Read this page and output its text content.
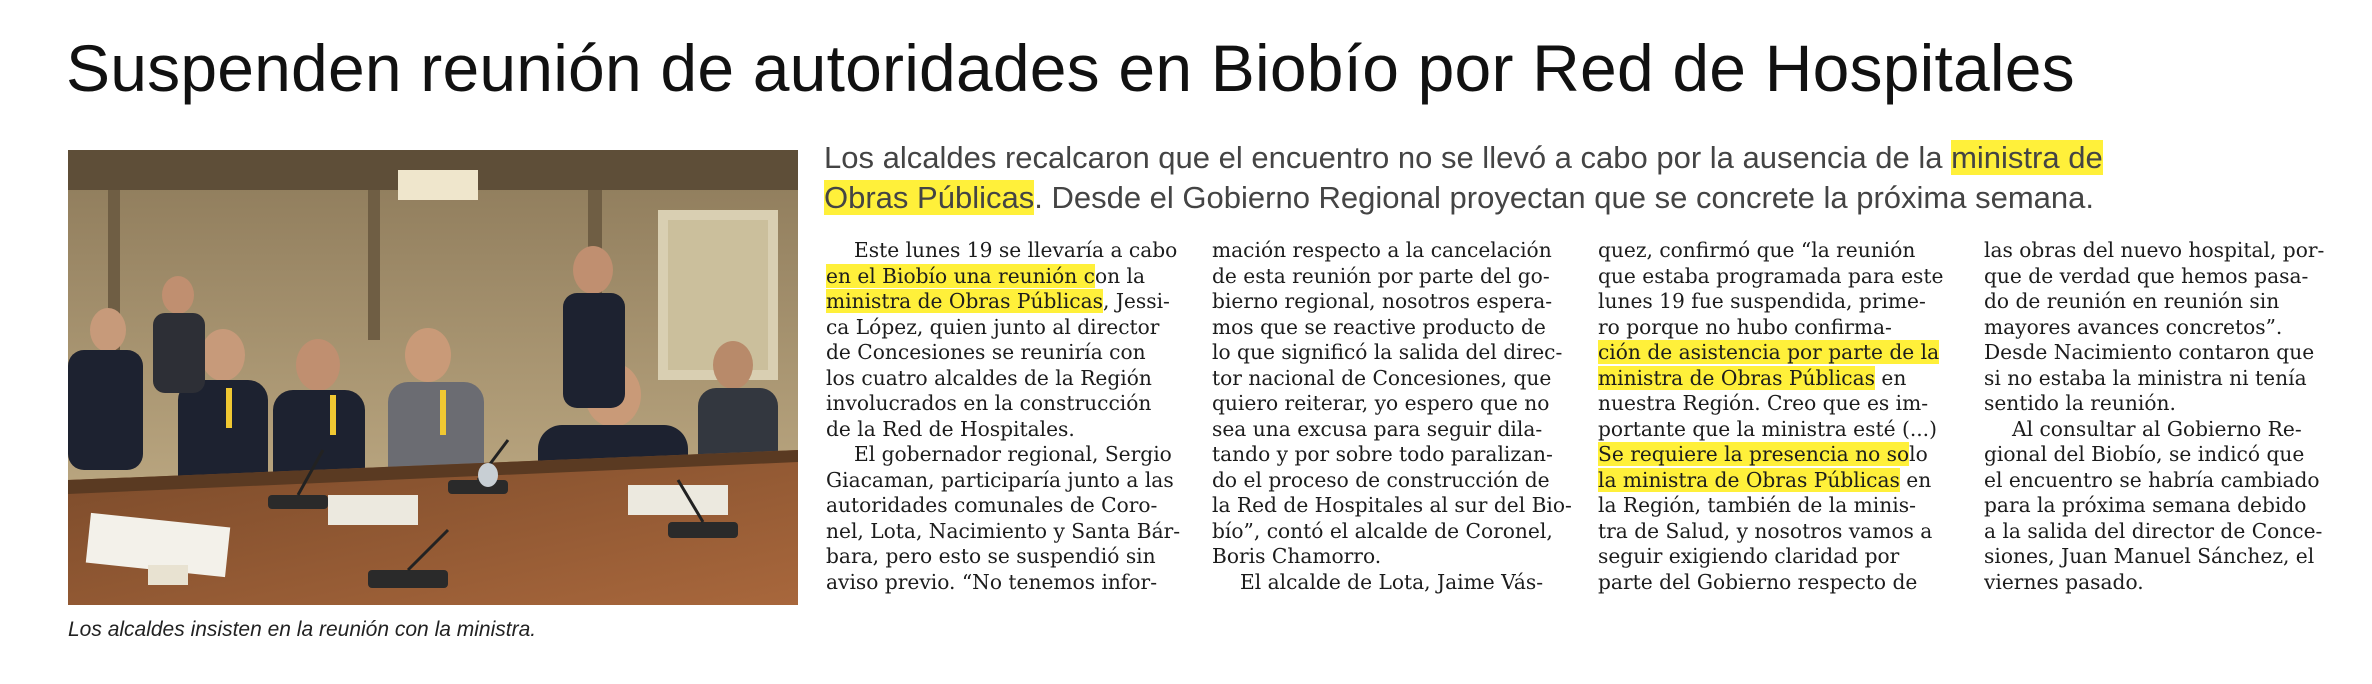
Suspenden reunión de autoridades en Biobío por Red de Hospitales

Los alcaldes insisten en la reunión con la ministra.

Los alcaldes recalcaron que el encuentro no se llevó a cabo por la ausencia de la ministra de
Obras Públicas. Desde el Gobierno Regional proyectan que se concrete la próxima semana.

Este lunes 19 se llevaría a cabo
en el Biobío una reunión con la
ministra de Obras Públicas, Jessi-
ca López, quien junto al director
de Concesiones se reuniría con
los cuatro alcaldes de la Región
involucrados en la construcción
de la Red de Hospitales.
El gobernador regional, Sergio
Giacaman, participaría junto a las
autoridades comunales de Coro-
nel, Lota, Nacimiento y Santa Bár-
bara, pero esto se suspendió sin
aviso previo. “No tenemos infor-
mación respecto a la cancelación
de esta reunión por parte del go-
bierno regional, nosotros espera-
mos que se reactive producto de
lo que significó la salida del direc-
tor nacional de Concesiones, que
quiero reiterar, yo espero que no
sea una excusa para seguir dila-
tando y por sobre todo paralizan-
do el proceso de construcción de
la Red de Hospitales al sur del Bio-
bío”, contó el alcalde de Coronel,
Boris Chamorro.
El alcalde de Lota, Jaime Vás-
quez, confirmó que “la reunión
que estaba programada para este
lunes 19 fue suspendida, prime-
ro porque no hubo confirma-
ción de asistencia por parte de la
ministra de Obras Públicas en
nuestra Región. Creo que es im-
portante que la ministra esté (...)
Se requiere la presencia no solo
la ministra de Obras Públicas en
la Región, también de la minis-
tra de Salud, y nosotros vamos a
seguir exigiendo claridad por
parte del Gobierno respecto de
las obras del nuevo hospital, por-
que de verdad que hemos pasa-
do de reunión en reunión sin
mayores avances concretos”.
Desde Nacimiento contaron que
si no estaba la ministra ni tenía
sentido la reunión.
Al consultar al Gobierno Re-
gional del Biobío, se indicó que
el encuentro se habría cambiado
para la próxima semana debido
a la salida del director de Conce-
siones, Juan Manuel Sánchez, el
viernes pasado.
